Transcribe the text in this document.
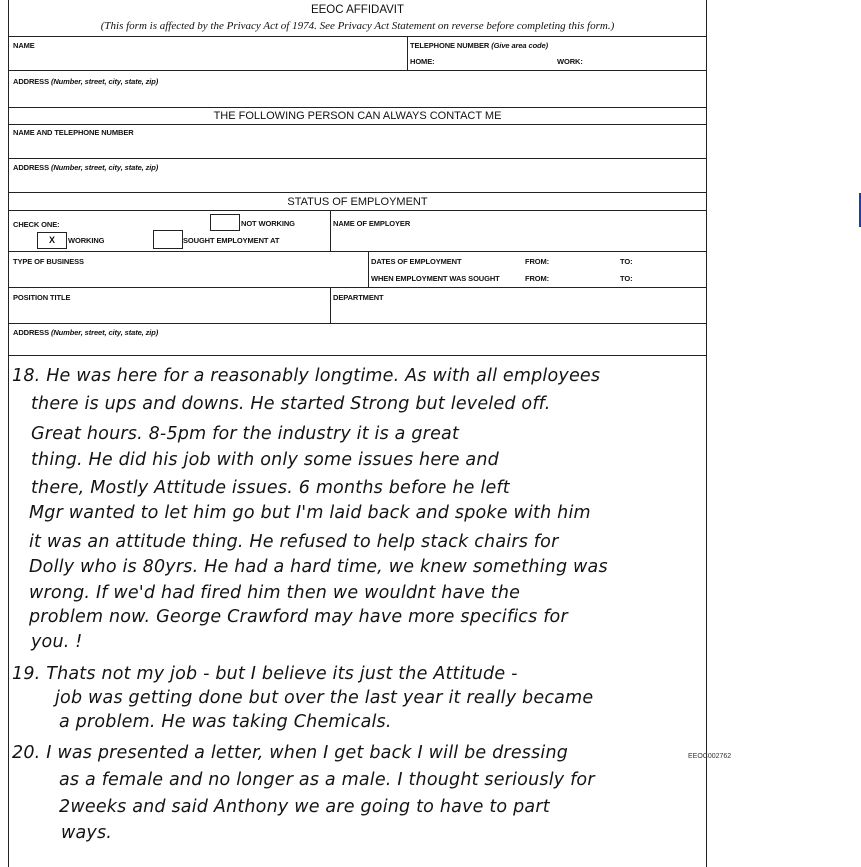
EEOC AFFIDAVIT
(This form is affected by the Privacy Act of 1974. See Privacy Act Statement on reverse before completing this form.)
NAME	TELEPHONE NUMBER (Give area code)
HOME:	WORK:
ADDRESS (Number, street, city, state, zip)
THE FOLLOWING PERSON CAN ALWAYS CONTACT ME
NAME AND TELEPHONE NUMBER
ADDRESS (Number, street, city, state, zip)
STATUS OF EMPLOYMENT
CHECK ONE:
X	WORKING
NOT WORKING
SOUGHT EMPLOYMENT AT
NAME OF EMPLOYER
TYPE OF BUSINESS	DATES OF EMPLOYMENT	FROM:	TO:
WHEN EMPLOYMENT WAS SOUGHT	FROM:	TO:
POSITION TITLE	DEPARTMENT
ADDRESS (Number, street, city, state, zip)
18. He was here for a reasonably longtime. As with all employees
there is ups and downs. He started Strong but leveled off.
Great hours. 8-5pm for the industry it is a great
thing. He did his job with only some issues here and
there, Mostly Attitude issues. 6 months before he left
Mgr wanted to let him go but I'm laid back and spoke with him
it was an attitude thing. He refused to help stack chairs for
Dolly who is 80yrs. He had a hard time, we knew something was
wrong. If we'd had fired him then we wouldnt have the
problem now. George Crawford may have more specifics for
you. !
19. Thats not my job - but I believe its just the Attitude -
job was getting done but over the last year it really became
a problem. He was taking Chemicals.
20. I was presented a letter, when I get back I will be dressing
as a female and no longer as a male. I thought seriously for
2weeks and said Anthony we are going to have to part
ways.
EEOC002762
